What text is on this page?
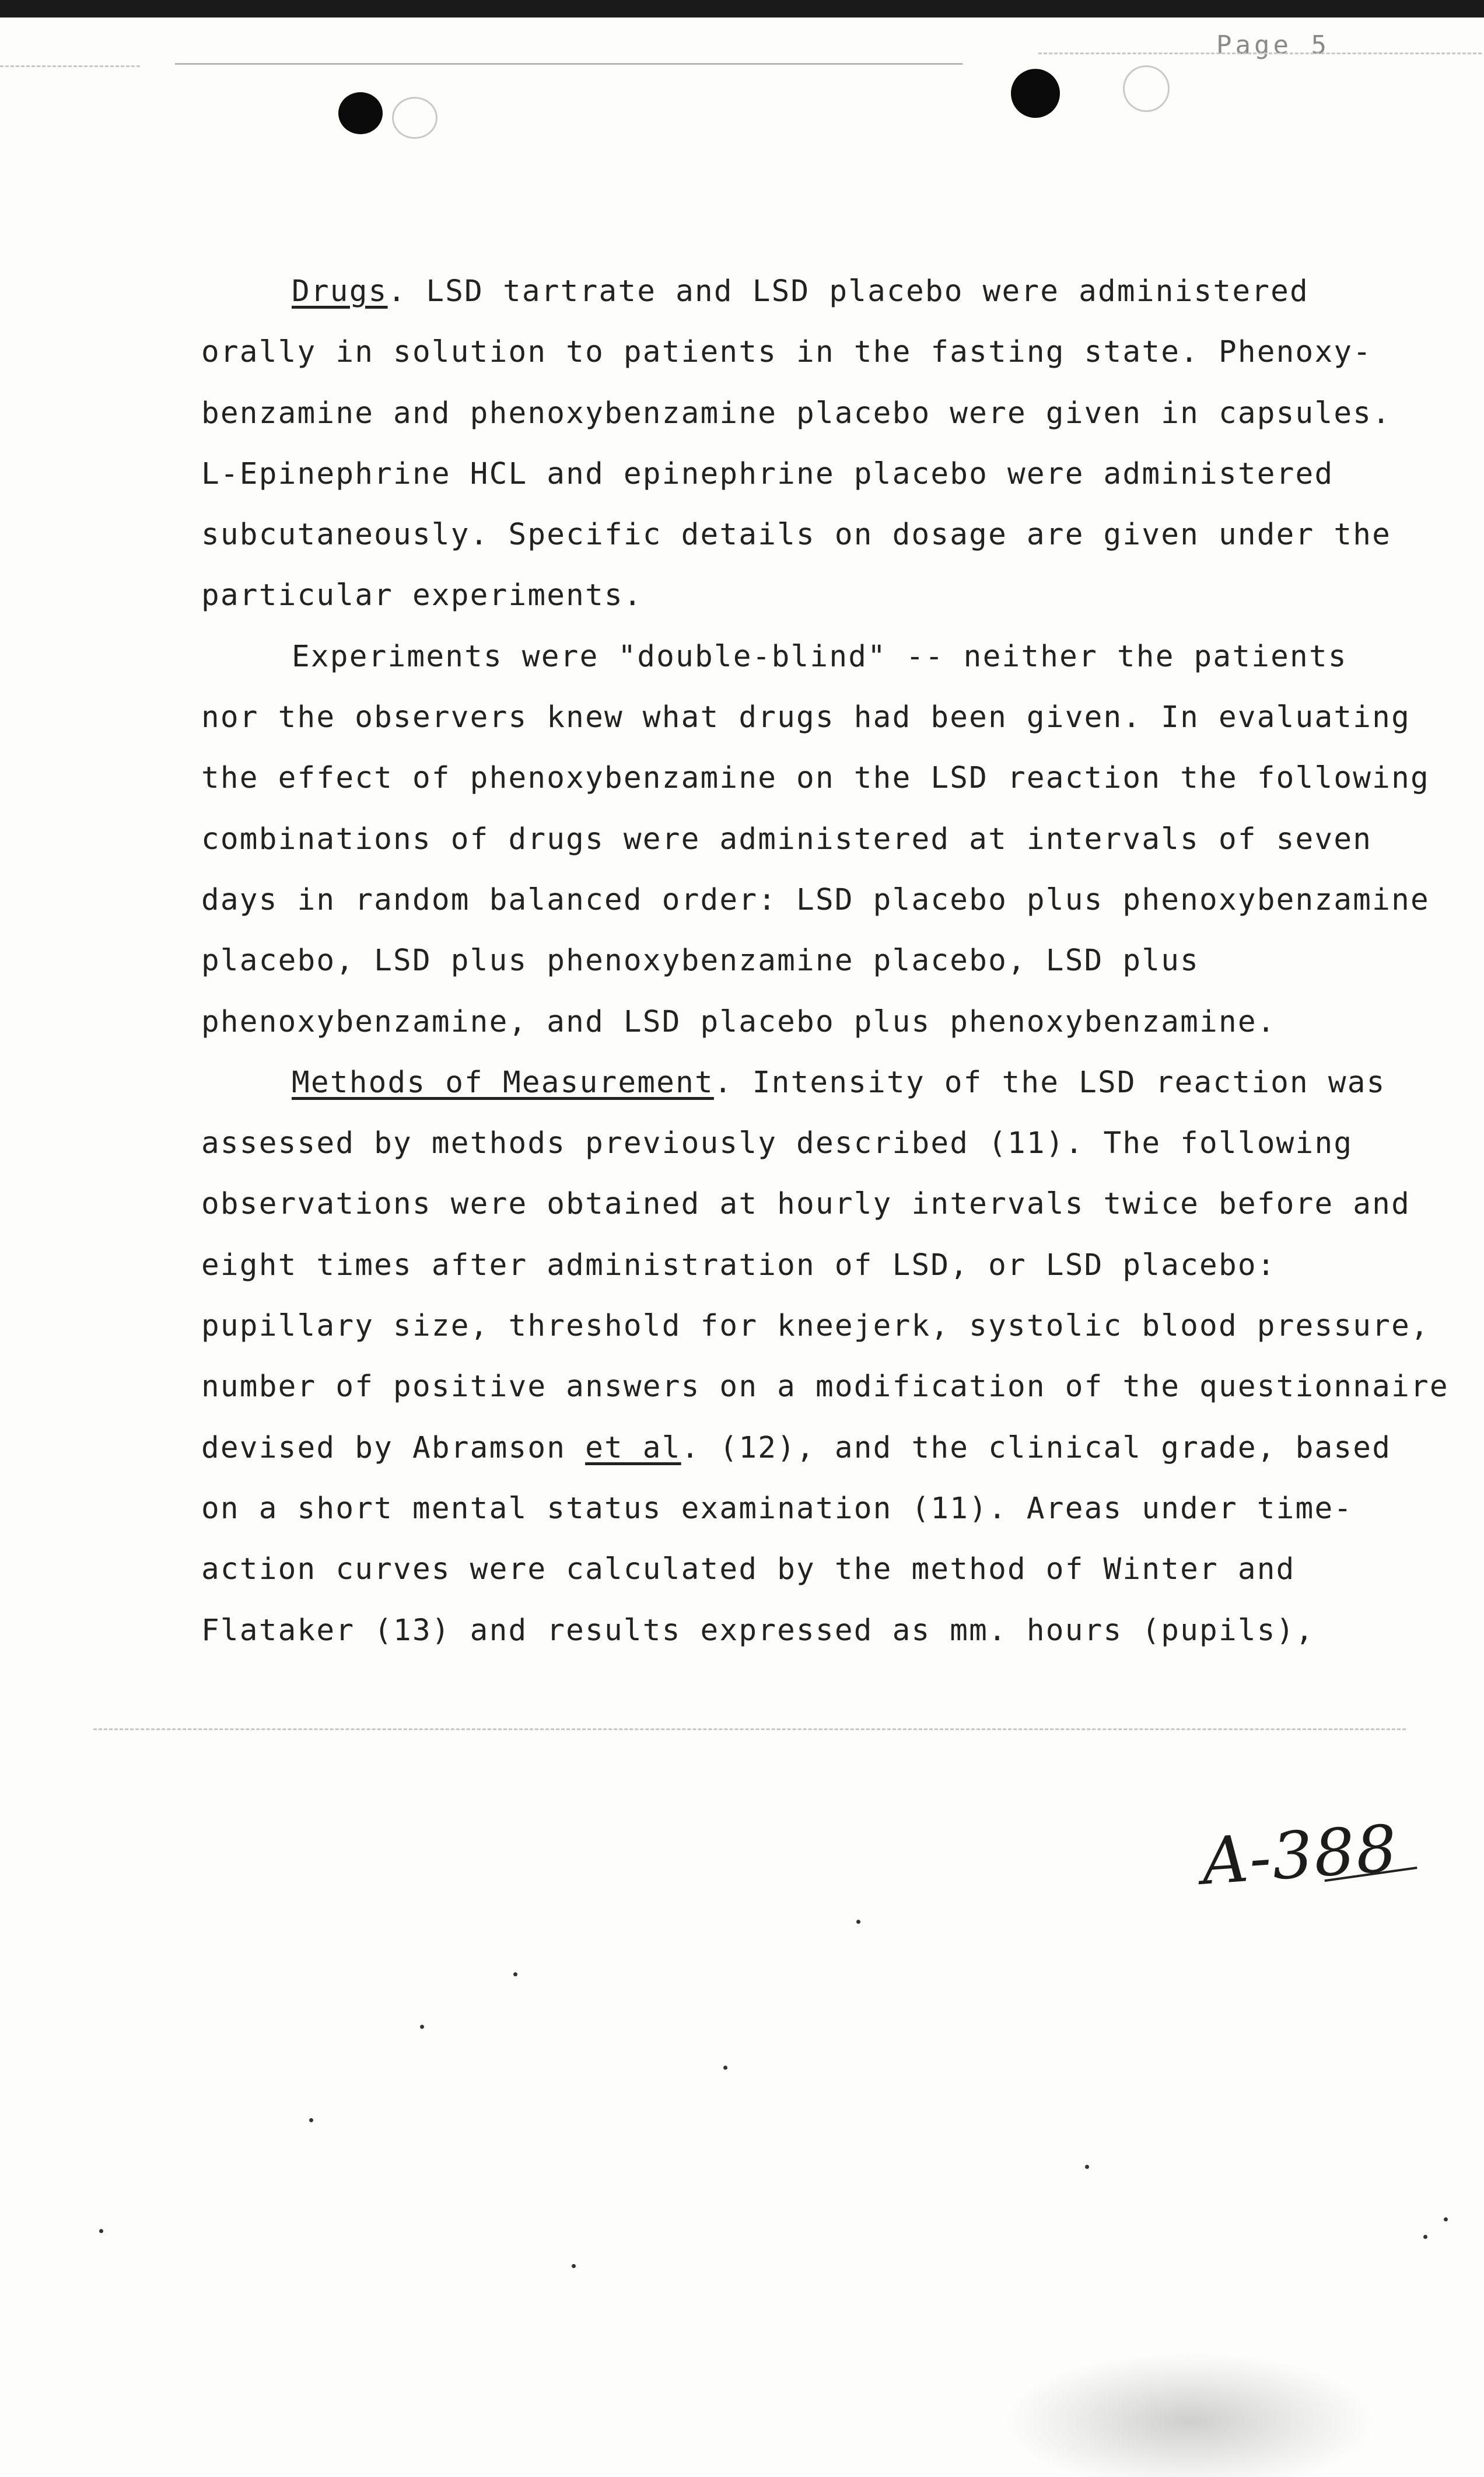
Page 5
Drugs. LSD tartrate and LSD placebo were administered
orally in solution to patients in the fasting state. Phenoxy-
benzamine and phenoxybenzamine placebo were given in capsules.
L-Epinephrine HCL and epinephrine placebo were administered
subcutaneously. Specific details on dosage are given under the
particular experiments.
Experiments were "double-blind" -- neither the patients
nor the observers knew what drugs had been given. In evaluating
the effect of phenoxybenzamine on the LSD reaction the following
combinations of drugs were administered at intervals of seven
days in random balanced order: LSD placebo plus phenoxybenzamine
placebo, LSD plus phenoxybenzamine placebo, LSD plus
phenoxybenzamine, and LSD placebo plus phenoxybenzamine.
Methods of Measurement. Intensity of the LSD reaction was
assessed by methods previously described (11). The following
observations were obtained at hourly intervals twice before and
eight times after administration of LSD, or LSD placebo:
pupillary size, threshold for kneejerk, systolic blood pressure,
number of positive answers on a modification of the questionnaire
devised by Abramson et al. (12), and the clinical grade, based
on a short mental status examination (11). Areas under time-
action curves were calculated by the method of Winter and
Flataker (13) and results expressed as mm. hours (pupils),
A-388
